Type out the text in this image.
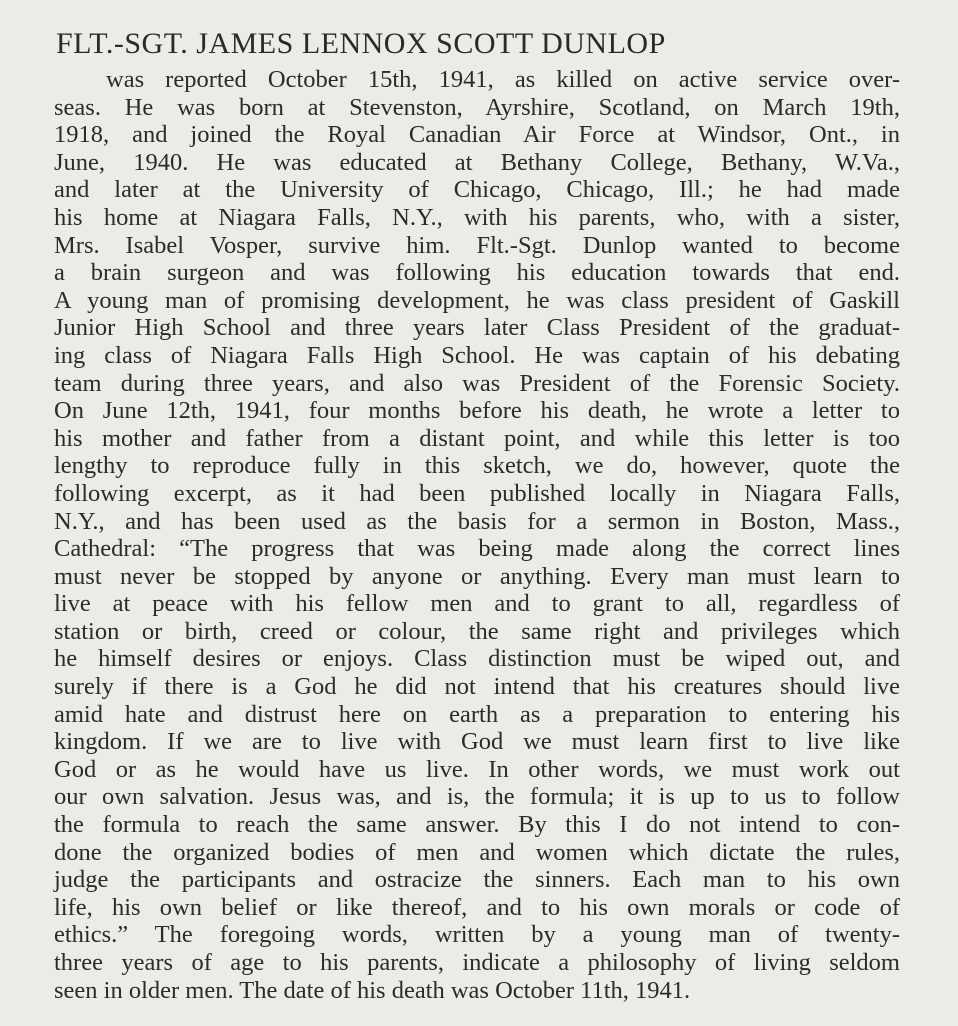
FLT.-SGT. JAMES LENNOX SCOTT DUNLOP
was reported October 15th, 1941, as killed on active service over-
seas. He was born at Stevenston, Ayrshire, Scotland, on March 19th,
1918, and joined the Royal Canadian Air Force at Windsor, Ont., in
June, 1940. He was educated at Bethany College, Bethany, W.Va.,
and later at the University of Chicago, Chicago, Ill.; he had made
his home at Niagara Falls, N.Y., with his parents, who, with a sister,
Mrs. Isabel Vosper, survive him. Flt.-Sgt. Dunlop wanted to become
a brain surgeon and was following his education towards that end.
A young man of promising development, he was class president of Gaskill
Junior High School and three years later Class President of the graduat-
ing class of Niagara Falls High School. He was captain of his debating
team during three years, and also was President of the Forensic Society.
On June 12th, 1941, four months before his death, he wrote a letter to
his mother and father from a distant point, and while this letter is too
lengthy to reproduce fully in this sketch, we do, however, quote the
following excerpt, as it had been published locally in Niagara Falls,
N.Y., and has been used as the basis for a sermon in Boston, Mass.,
Cathedral: “The progress that was being made along the correct lines
must never be stopped by anyone or anything. Every man must learn to
live at peace with his fellow men and to grant to all, regardless of
station or birth, creed or colour, the same right and privileges which
he himself desires or enjoys. Class distinction must be wiped out, and
surely if there is a God he did not intend that his creatures should live
amid hate and distrust here on earth as a preparation to entering his
kingdom. If we are to live with God we must learn first to live like
God or as he would have us live. In other words, we must work out
our own salvation. Jesus was, and is, the formula; it is up to us to follow
the formula to reach the same answer. By this I do not intend to con-
done the organized bodies of men and women which dictate the rules,
judge the participants and ostracize the sinners. Each man to his own
life, his own belief or like thereof, and to his own morals or code of
ethics.” The foregoing words, written by a young man of twenty-
three years of age to his parents, indicate a philosophy of living seldom
seen in older men. The date of his death was October 11th, 1941.
